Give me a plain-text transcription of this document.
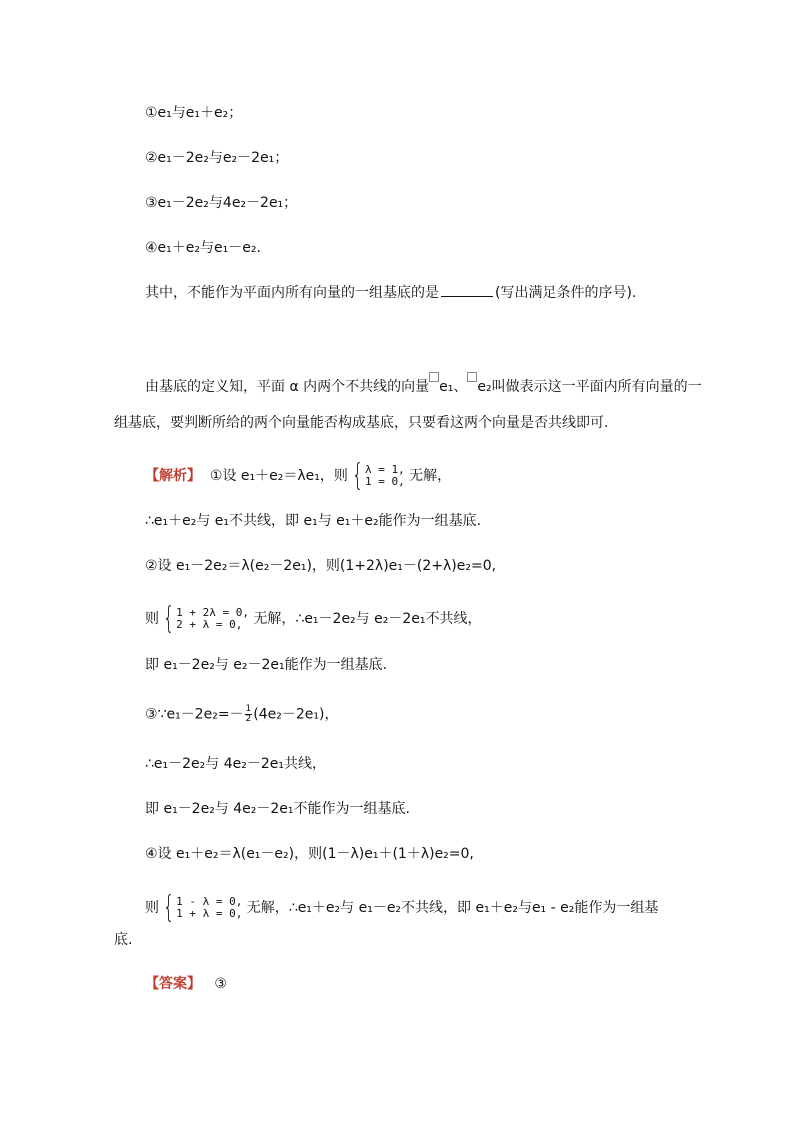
①e₁与e₁＋e₂；
②e₁－2e₂与e₂－2e₁；
③e₁－2e₂与4e₂－2e₁；
④e₁＋e₂与e₁－e₂.
其中，不能作为平面内所有向量的一组基底的是	(写出满足条件的序号).
由基底的定义知，平面 α 内两个不共线的向量 e₁、 e₂叫做表示这一平面内所有向量的一
组基底，要判断所给的两个向量能否构成基底，只要看这两个向量是否共线即可.
【解析】 ①设 e₁＋e₂＝λe₁，则 { λ = 1,
1 = 0, 无解，
∴e₁＋e₂与 e₁不共线，即 e₁与 e₁＋e₂能作为一组基底.
②设 e₁－2e₂＝λ(e₂－2e₁)，则(1+2λ)e₁－(2+λ)e₂=0,
则 { 1 + 2λ = 0,
2 + λ = 0, 无解，∴e₁－2e₂与 e₂－2e₁不共线，
即 e₁－2e₂与 e₂－2e₁能作为一组基底.
③∵e₁－2e₂=－ $\frac{1}{2} (4e_2-2e_1)$，
∴e₁－2e₂与 4e₂－2e₁共线，
即 e₁－2e₂与 4e₂－2e₁不能作为一组基底.
④设 e₁＋e₂＝λ(e₁－e₂)，则(1－λ)e₁＋(1＋λ)e₂=0,
则 { 1 - λ = 0,
1 + λ = 0, 无解，∴e₁＋e₂与 e₁－e₂不共线，即 e₁＋e₂与e₁ - e₂能作为一组基
底.
【答案】 ③
